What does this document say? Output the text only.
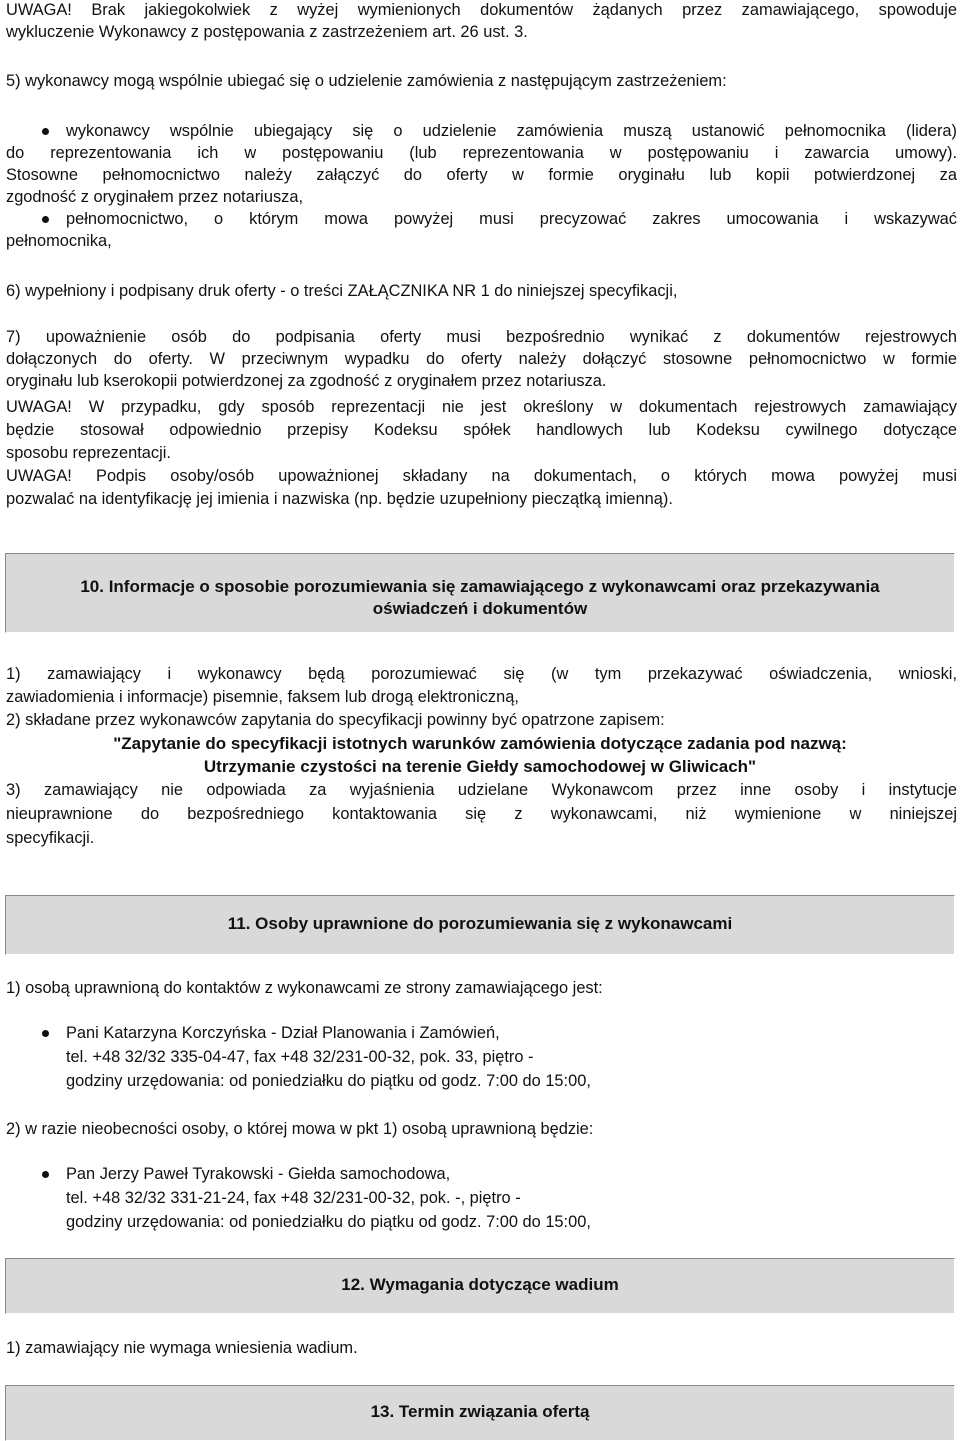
UWAGA! Brak jakiegokolwiek z wyżej wymienionych dokumentów żądanych przez zamawiającego, spowoduje
wykluczenie Wykonawcy z postępowania z zastrzeżeniem art. 26 ust. 3.
5) wykonawcy mogą wspólnie ubiegać się o udzielenie zamówienia z następującym zastrzeżeniem:
wykonawcy wspólnie ubiegający się o udzielenie zamówienia muszą ustanowić pełnomocnika (lidera)
do reprezentowania ich w postępowaniu (lub reprezentowania w postępowaniu i zawarcia umowy).
Stosowne pełnomocnictwo należy załączyć do oferty w formie oryginału lub kopii potwierdzonej za
zgodność z oryginałem przez notariusza,
pełnomocnictwo, o którym mowa powyżej musi precyzować zakres umocowania i wskazywać
pełnomocnika,
6) wypełniony i podpisany druk oferty - o treści ZAŁĄCZNIKA NR 1 do niniejszej specyfikacji,
7) upoważnienie osób do podpisania oferty musi bezpośrednio wynikać z dokumentów rejestrowych
dołączonych do oferty. W przeciwnym wypadku do oferty należy dołączyć stosowne pełnomocnictwo w formie
oryginału lub kserokopii potwierdzonej za zgodność z oryginałem przez notariusza.
UWAGA! W przypadku, gdy sposób reprezentacji nie jest określony w dokumentach rejestrowych zamawiający
będzie stosował odpowiednio przepisy Kodeksu spółek handlowych lub Kodeksu cywilnego dotyczące
sposobu reprezentacji.
UWAGA! Podpis osoby/osób upoważnionej składany na dokumentach, o których mowa powyżej musi
pozwalać na identyfikację jej imienia i nazwiska (np. będzie uzupełniony pieczątką imienną).
10. Informacje o sposobie porozumiewania się zamawiającego z wykonawcami oraz przekazywania
oświadczeń i dokumentów
1) zamawiający i wykonawcy będą porozumiewać się (w tym przekazywać oświadczenia, wnioski,
zawiadomienia i informacje) pisemnie, faksem lub drogą elektroniczną,
2) składane przez wykonawców zapytania do specyfikacji powinny być opatrzone zapisem:
"Zapytanie do specyfikacji istotnych warunków zamówienia dotyczące zadania pod nazwą:
Utrzymanie czystości na terenie Giełdy samochodowej w Gliwicach"
3) zamawiający nie odpowiada za wyjaśnienia udzielane Wykonawcom przez inne osoby i instytucje
nieuprawnione do bezpośredniego kontaktowania się z wykonawcami, niż wymienione w niniejszej
specyfikacji.
11. Osoby uprawnione do porozumiewania się z wykonawcami
1) osobą uprawnioną do kontaktów z wykonawcami ze strony zamawiającego jest:
Pani Katarzyna Korczyńska - Dział Planowania i Zamówień,
tel. +48 32/32 335-04-47, fax +48 32/231-00-32, pok. 33, piętro -
godziny urzędowania: od poniedziałku do piątku od godz. 7:00 do 15:00,
2) w razie nieobecności osoby, o której mowa w pkt 1) osobą uprawnioną będzie:
Pan Jerzy Paweł Tyrakowski - Giełda samochodowa,
tel. +48 32/32 331-21-24, fax +48 32/231-00-32, pok. -, piętro -
godziny urzędowania: od poniedziałku do piątku od godz. 7:00 do 15:00,
12. Wymagania dotyczące wadium
1) zamawiający nie wymaga wniesienia wadium.
13. Termin związania ofertą
